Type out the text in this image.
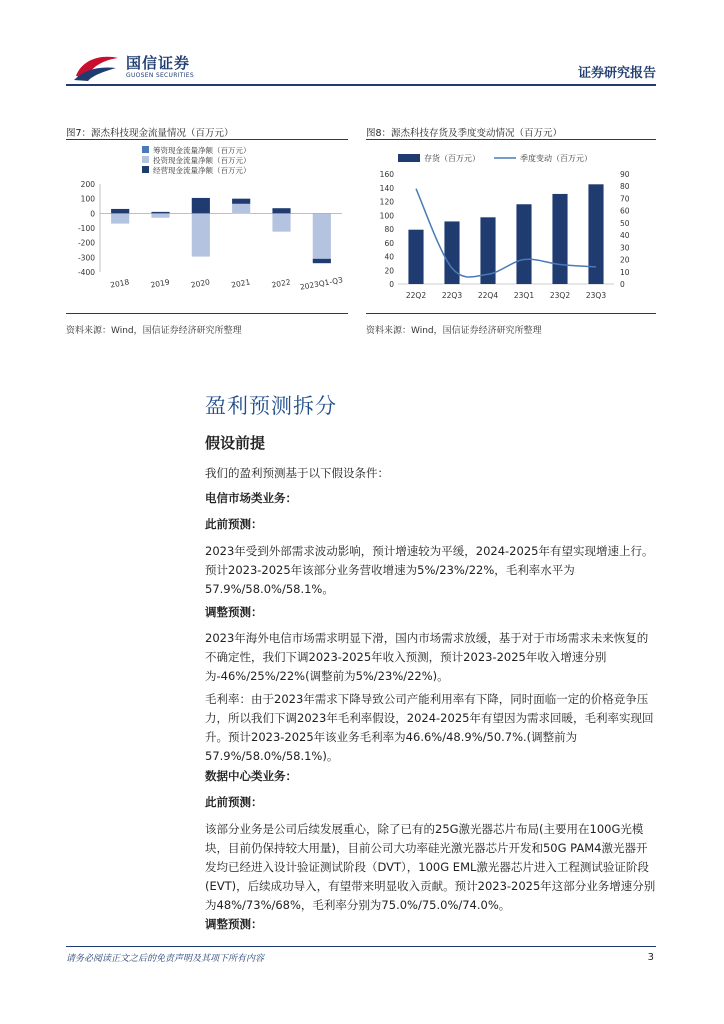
国信证券
GUOSEN SECURITIES	证券研究报告
图7：源杰科技现金流量情况（百万元）
筹资现金流量净额（百万元）
投资现金流量净额（百万元）
经营现金流量净额（百万元）
-400
-300
-200
-100
0
100
200
2018	2019	2020	2021	2022 2023Q1-Q3
资料来源：Wind，国信证券经济研究所整理
图8：源杰科技存货及季度变动情况（百万元）
存货（百万元）	季度变动（百万元）
0
20
40
60
80
100
120
140
160
0
10
20
30
40
50
60
70
80
90
22Q2 22Q3 22Q4 23Q1 23Q2 23Q3
资料来源：Wind，国信证券经济研究所整理
盈利预测拆分
假设前提
我们的盈利预测基于以下假设条件：
电信市场类业务：
此前预测：
2023年受到外部需求波动影响，预计增速较为平缓，2024-2025年有望实现增速上行。预计2023-2025年该部分业务营收增速为5%/23%/22%，毛利率水平为57.9%/58.0%/58.1%。
调整预测：
2023年海外电信市场需求明显下滑，国内市场需求放缓，基于对于市场需求未来恢复的不确定性，我们下调2023-2025年收入预测，预计2023-2025年收入增速分别为-46%/25%/22%(调整前为5%/23%/22%)。
毛利率：由于2023年需求下降导致公司产能利用率有下降，同时面临一定的价格竞争压力，所以我们下调2023年毛利率假设，2024-2025年有望因为需求回暖，毛利率实现回升。预计2023-2025年该业务毛利率为46.6%/48.9%/50.7%.(调整前为57.9%/58.0%/58.1%)。
数据中心类业务：
此前预测：
该部分业务是公司后续发展重心，除了已有的25G激光器芯片布局(主要用在100G光模块，目前仍保持较大用量)，目前公司大功率硅光激光器芯片开发和50G PAM4激光器开发均已经进入设计验证测试阶段（DVT），100G EML激光器芯片进入工程测试验证阶段(EVT)，后续成功导入，有望带来明显收入贡献。预计2023-2025年这部分业务增速分别为48%/73%/68%，毛利率分别为75.0%/75.0%/74.0%。
调整预测：
请务必阅读正文之后的免责声明及其项下所有内容	3
